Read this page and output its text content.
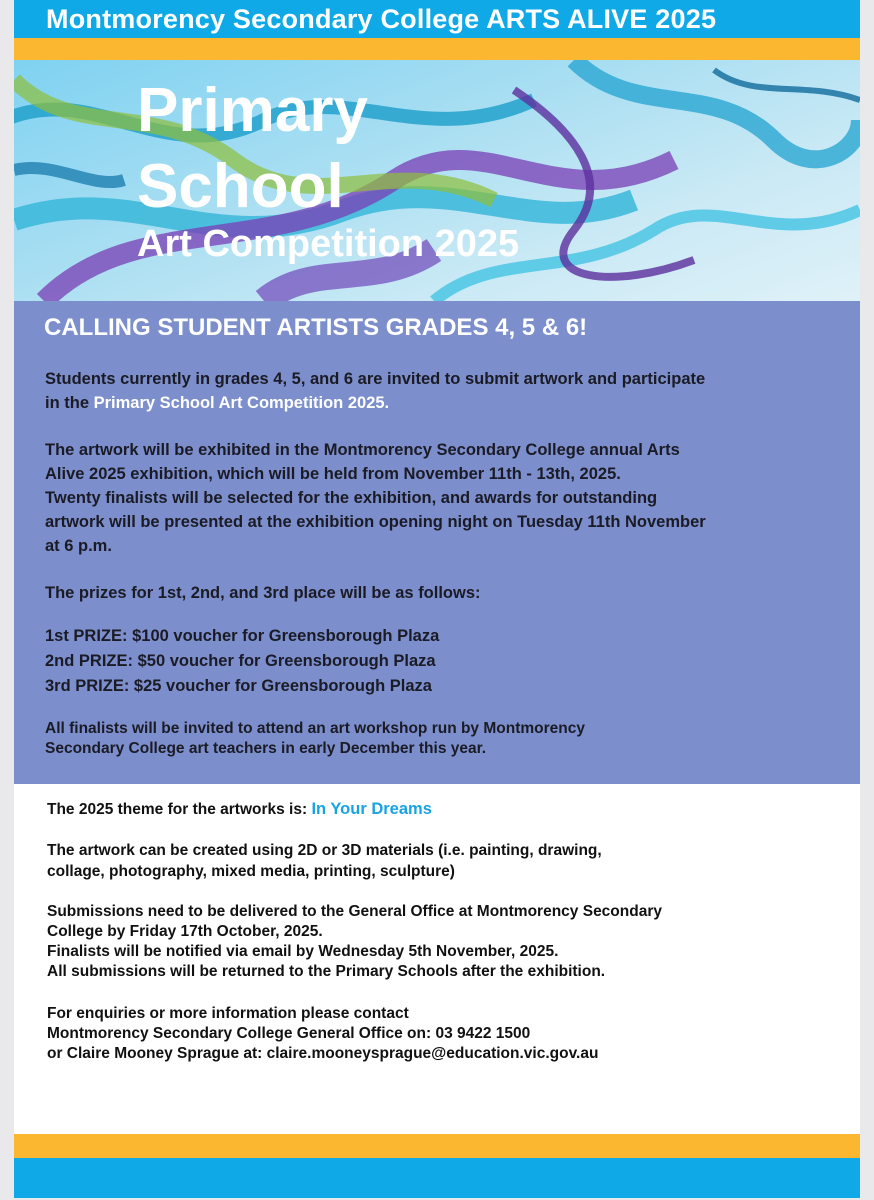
Montmorency Secondary College ARTS ALIVE 2025
Primary
School
Art Competition 2025
CALLING STUDENT ARTISTS GRADES 4, 5 & 6!

Students currently in grades 4, 5, and 6 are invited to submit artwork and participate

in the Primary School Art Competition 2025.

The artwork will be exhibited in the Montmorency Secondary College annual Arts

Alive 2025 exhibition, which will be held from November 11th - 13th, 2025.

Twenty finalists will be selected for the exhibition, and awards for outstanding

artwork will be presented at the exhibition opening night on Tuesday 11th November

at 6 p.m.

The prizes for 1st, 2nd, and 3rd place will be as follows:

1st PRIZE: $100 voucher for Greensborough Plaza

2nd PRIZE: $50 voucher for Greensborough Plaza

3rd PRIZE: $25 voucher for Greensborough Plaza

All finalists will be invited to attend an art workshop run by Montmorency

Secondary College art teachers in early December this year.

The 2025 theme for the artworks is: In Your Dreams

The artwork can be created using 2D or 3D materials (i.e. painting, drawing,

collage, photography, mixed media, printing, sculpture)

Submissions need to be delivered to the General Office at Montmorency Secondary

College by Friday 17th October, 2025.

Finalists will be notified via email by Wednesday 5th November, 2025.

All submissions will be returned to the Primary Schools after the exhibition.

For enquiries or more information please contact

Montmorency Secondary College General Office on: 03 9422 1500

or Claire Mooney Sprague at: claire.mooneysprague@education.vic.gov.au
